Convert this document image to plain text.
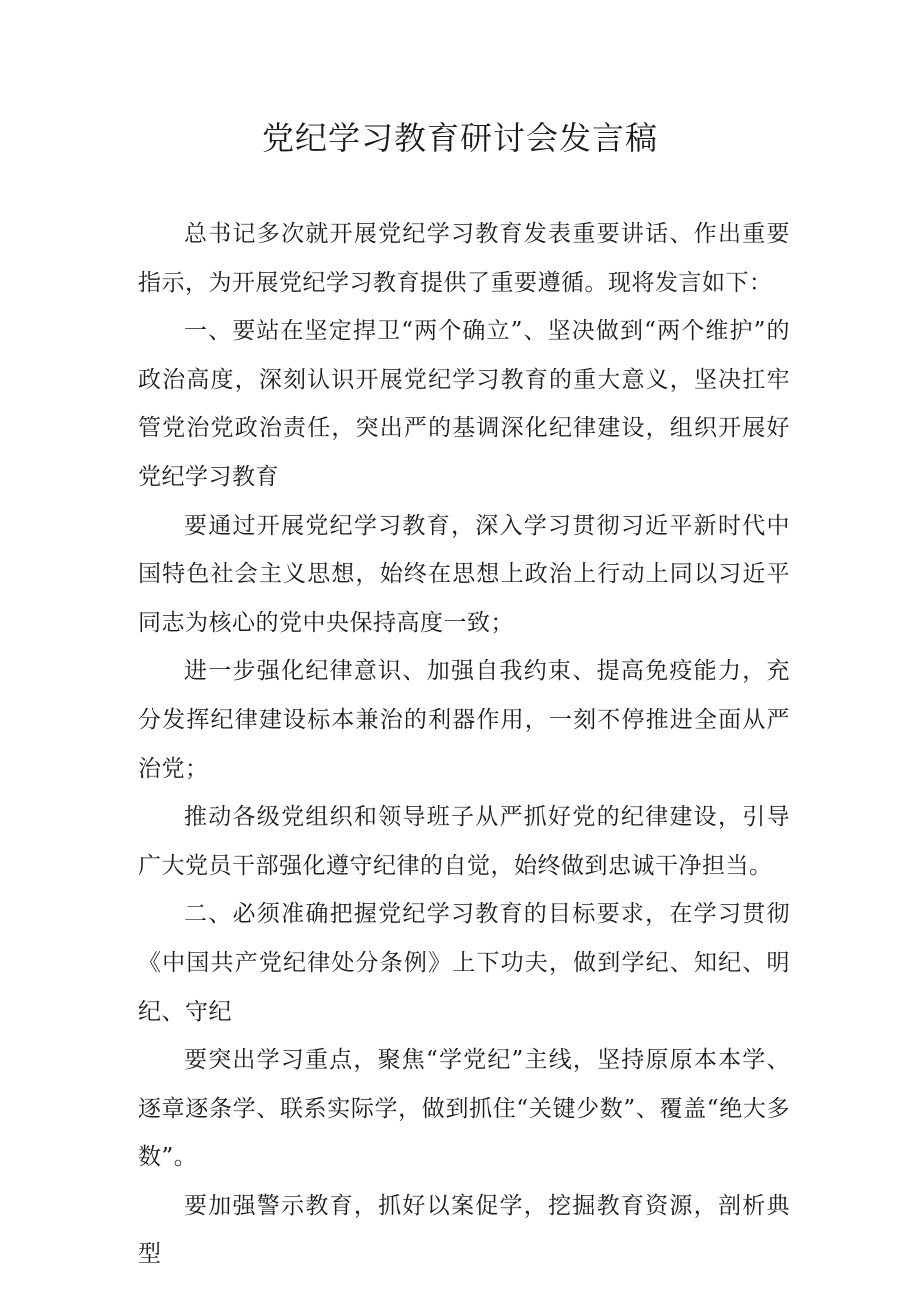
党纪学习教育研讨会发言稿

总书记多次就开展党纪学习教育发表重要讲话、作出重要指示，为开展党纪学习教育提供了重要遵循。现将发言如下：

一、要站在坚定捍卫“两个确立”、坚决做到“两个维护”的政治高度，深刻认识开展党纪学习教育的重大意义，坚决扛牢管党治党政治责任，突出严的基调深化纪律建设，组织开展好党纪学习教育

要通过开展党纪学习教育，深入学习贯彻习近平新时代中国特色社会主义思想，始终在思想上政治上行动上同以习近平同志为核心的党中央保持高度一致；

进一步强化纪律意识、加强自我约束、提高免疫能力，充分发挥纪律建设标本兼治的利器作用，一刻不停推进全面从严治党；

推动各级党组织和领导班子从严抓好党的纪律建设，引导广大党员干部强化遵守纪律的自觉，始终做到忠诚干净担当。

二、必须准确把握党纪学习教育的目标要求，在学习贯彻《中国共产党纪律处分条例》上下功夫，做到学纪、知纪、明纪、守纪

要突出学习重点，聚焦“学党纪”主线，坚持原原本本学、逐章逐条学、联系实际学，做到抓住“关键少数”、覆盖“绝大多数”。

要加强警示教育，抓好以案促学，挖掘教育资源，剖析典型
